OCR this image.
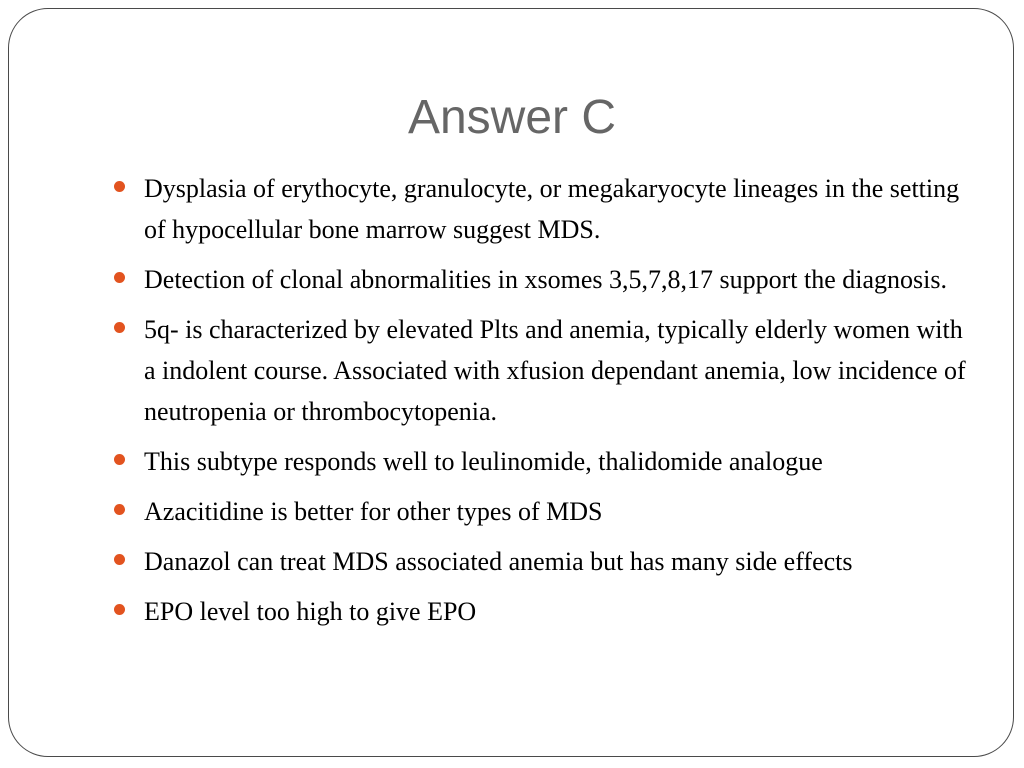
Answer C
Dysplasia of erythocyte, granulocyte, or megakaryocyte lineages in the setting of hypocellular bone marrow suggest MDS.
Detection of clonal abnormalities in xsomes 3,5,7,8,17 support the diagnosis.
5q- is characterized by elevated Plts and anemia, typically elderly women with a indolent course. Associated with xfusion dependant anemia, low incidence of neutropenia or thrombocytopenia.
This subtype responds well to leulinomide, thalidomide analogue
Azacitidine is better for other types of MDS
Danazol can treat MDS associated anemia but has many side effects
EPO level too high to give EPO
